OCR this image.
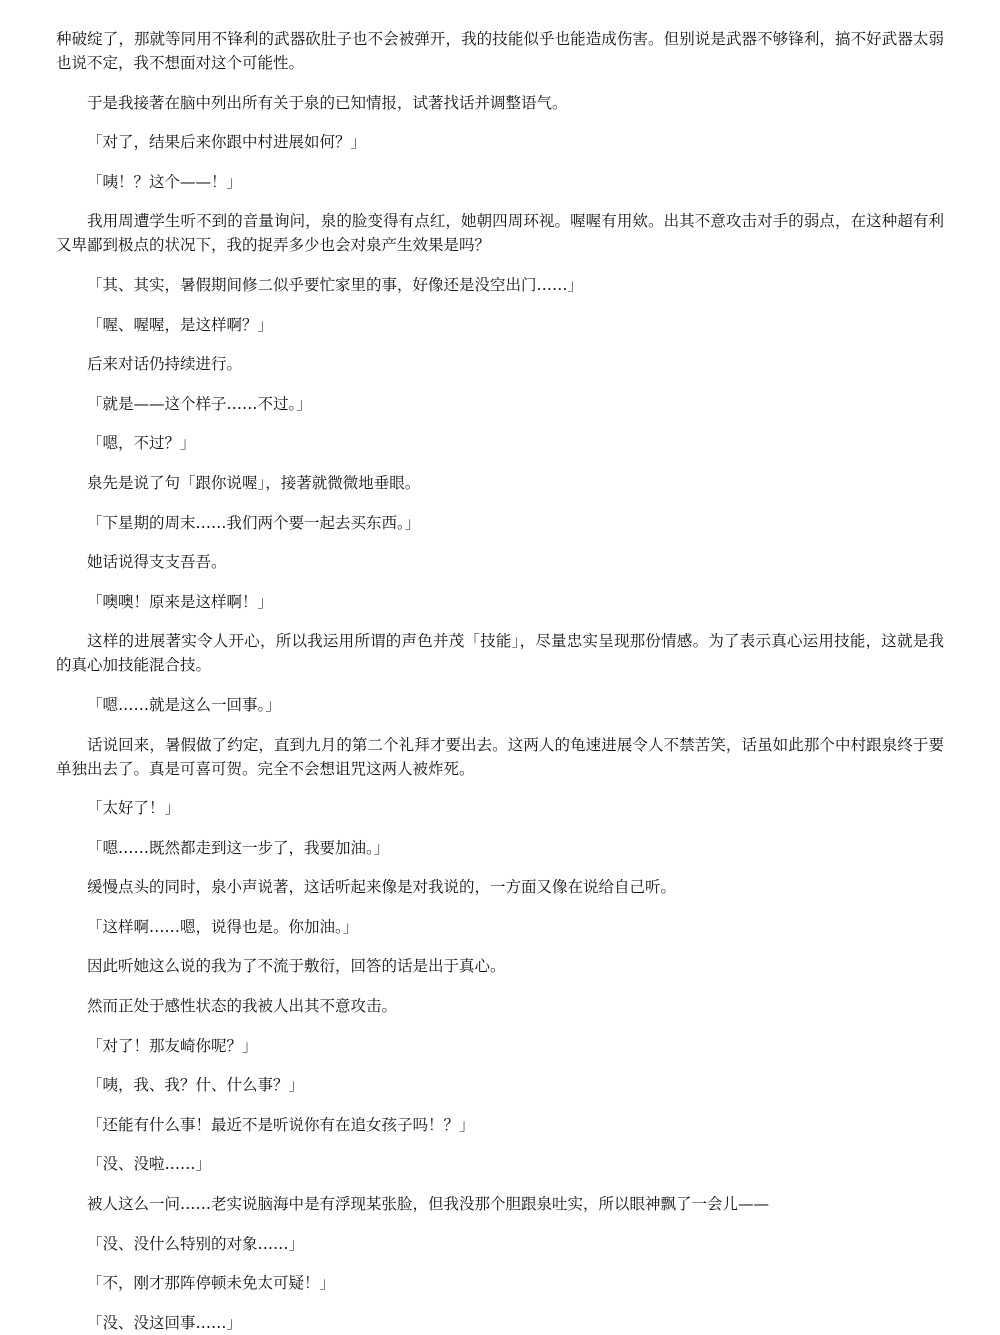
种破绽了，那就等同用不锋利的武器砍肚子也不会被弹开，我的技能似乎也能造成伤害。但别说是武器不够锋利，搞不好武器太弱也说不定，我不想面对这个可能性。

于是我接著在脑中列出所有关于泉的已知情报，试著找话并调整语气。

「对了，结果后来你跟中村进展如何？」

「咦！？这个——！」

我用周遭学生听不到的音量询问，泉的脸变得有点红，她朝四周环视。喔喔有用欸。出其不意攻击对手的弱点，在这种超有利又卑鄙到极点的状况下，我的捉弄多少也会对泉产生效果是吗？

「其、其实，暑假期间修二似乎要忙家里的事，好像还是没空出门……」

「喔、喔喔，是这样啊？」

后来对话仍持续进行。

「就是——这个样子……不过。」

「嗯，不过？」

泉先是说了句「跟你说喔」，接著就微微地垂眼。

「下星期的周末……我们两个要一起去买东西。」

她话说得支支吾吾。

「噢噢！原来是这样啊！」

这样的进展著实令人开心，所以我运用所谓的声色并茂「技能」，尽量忠实呈现那份情感。为了表示真心运用技能，这就是我的真心加技能混合技。

「嗯……就是这么一回事。」

话说回来，暑假做了约定，直到九月的第二个礼拜才要出去。这两人的龟速进展令人不禁苦笑，话虽如此那个中村跟泉终于要单独出去了。真是可喜可贺。完全不会想诅咒这两人被炸死。

「太好了！」

「嗯……既然都走到这一步了，我要加油。」

缓慢点头的同时，泉小声说著，这话听起来像是对我说的，一方面又像在说给自己听。

「这样啊……嗯，说得也是。你加油。」

因此听她这么说的我为了不流于敷衍，回答的话是出于真心。

然而正处于感性状态的我被人出其不意攻击。

「对了！那友崎你呢？」

「咦，我、我？什、什么事？」

「还能有什么事！最近不是听说你有在追女孩子吗！？」

「没、没啦……」

被人这么一问……老实说脑海中是有浮现某张脸，但我没那个胆跟泉吐实，所以眼神飘了一会儿——

「没、没什么特别的对象……」

「不，刚才那阵停顿未免太可疑！」

「没、没这回事……」
